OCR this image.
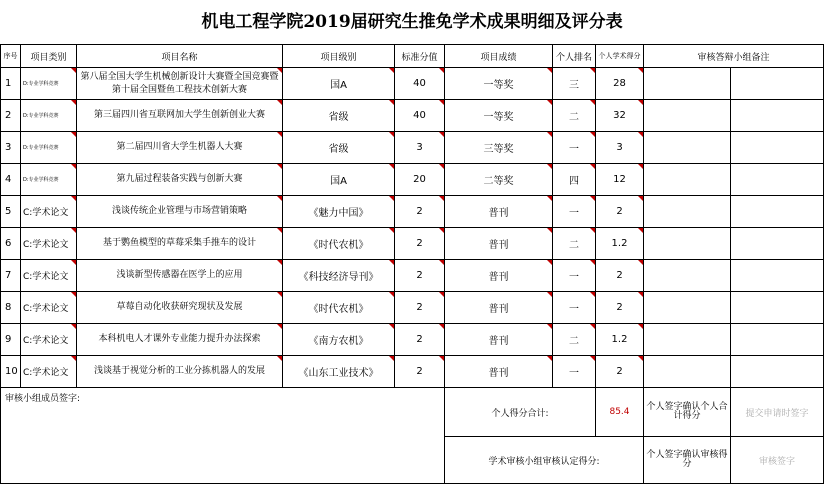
机电工程学院2019届研究生推免学术成果明细及评分表
序号	项目类别	项目名称	项目级别	标准分值	项目成绩	个人排名	个人学术得分	审核答辩小组备注	
1	D:专业学科竞赛	第八届全国大学生机械创新设计大赛暨全国竞赛暨第十届全国暨鱼工程技术创新大赛	国A	40	一等奖	三	28		
2	D:专业学科竞赛	第三届四川省互联网加大学生创新创业大赛	省级	40	一等奖	二	32		
3	D:专业学科竞赛	第二届四川省大学生机器人大赛	省级	3	三等奖	一	3		
4	D:专业学科竞赛	第九届过程装备实践与创新大赛	国A	20	二等奖	四	12		
5	C:学术论文	浅谈传统企业管理与市场营销策略	《魅力中国》	2	普刊	一	2		
6	C:学术论文	基于鹦鱼模型的草莓采集手推车的设计	《时代农机》	2	普刊	二	1.2		
7	C:学术论文	浅谈新型传感器在医学上的应用	《科技经济导刊》	2	普刊	一	2		
8	C:学术论文	草莓自动化收获研究现状及发展	《时代农机》	2	普刊	一	2		
9	C:学术论文	本科机电人才课外专业能力提升办法探索	《南方农机》	2	普刊	二	1.2		
10	C:学术论文	浅谈基于视觉分析的工业分拣机器人的发展	《山东工业技术》	2	普刊	一	2		
审核小组成员签字:					个人得分合计:		85.4	个人签字确认个人合计得分	提交申请时签字
					学术审核小组审核认定得分:			个人签字确认审核得分	审核签字
